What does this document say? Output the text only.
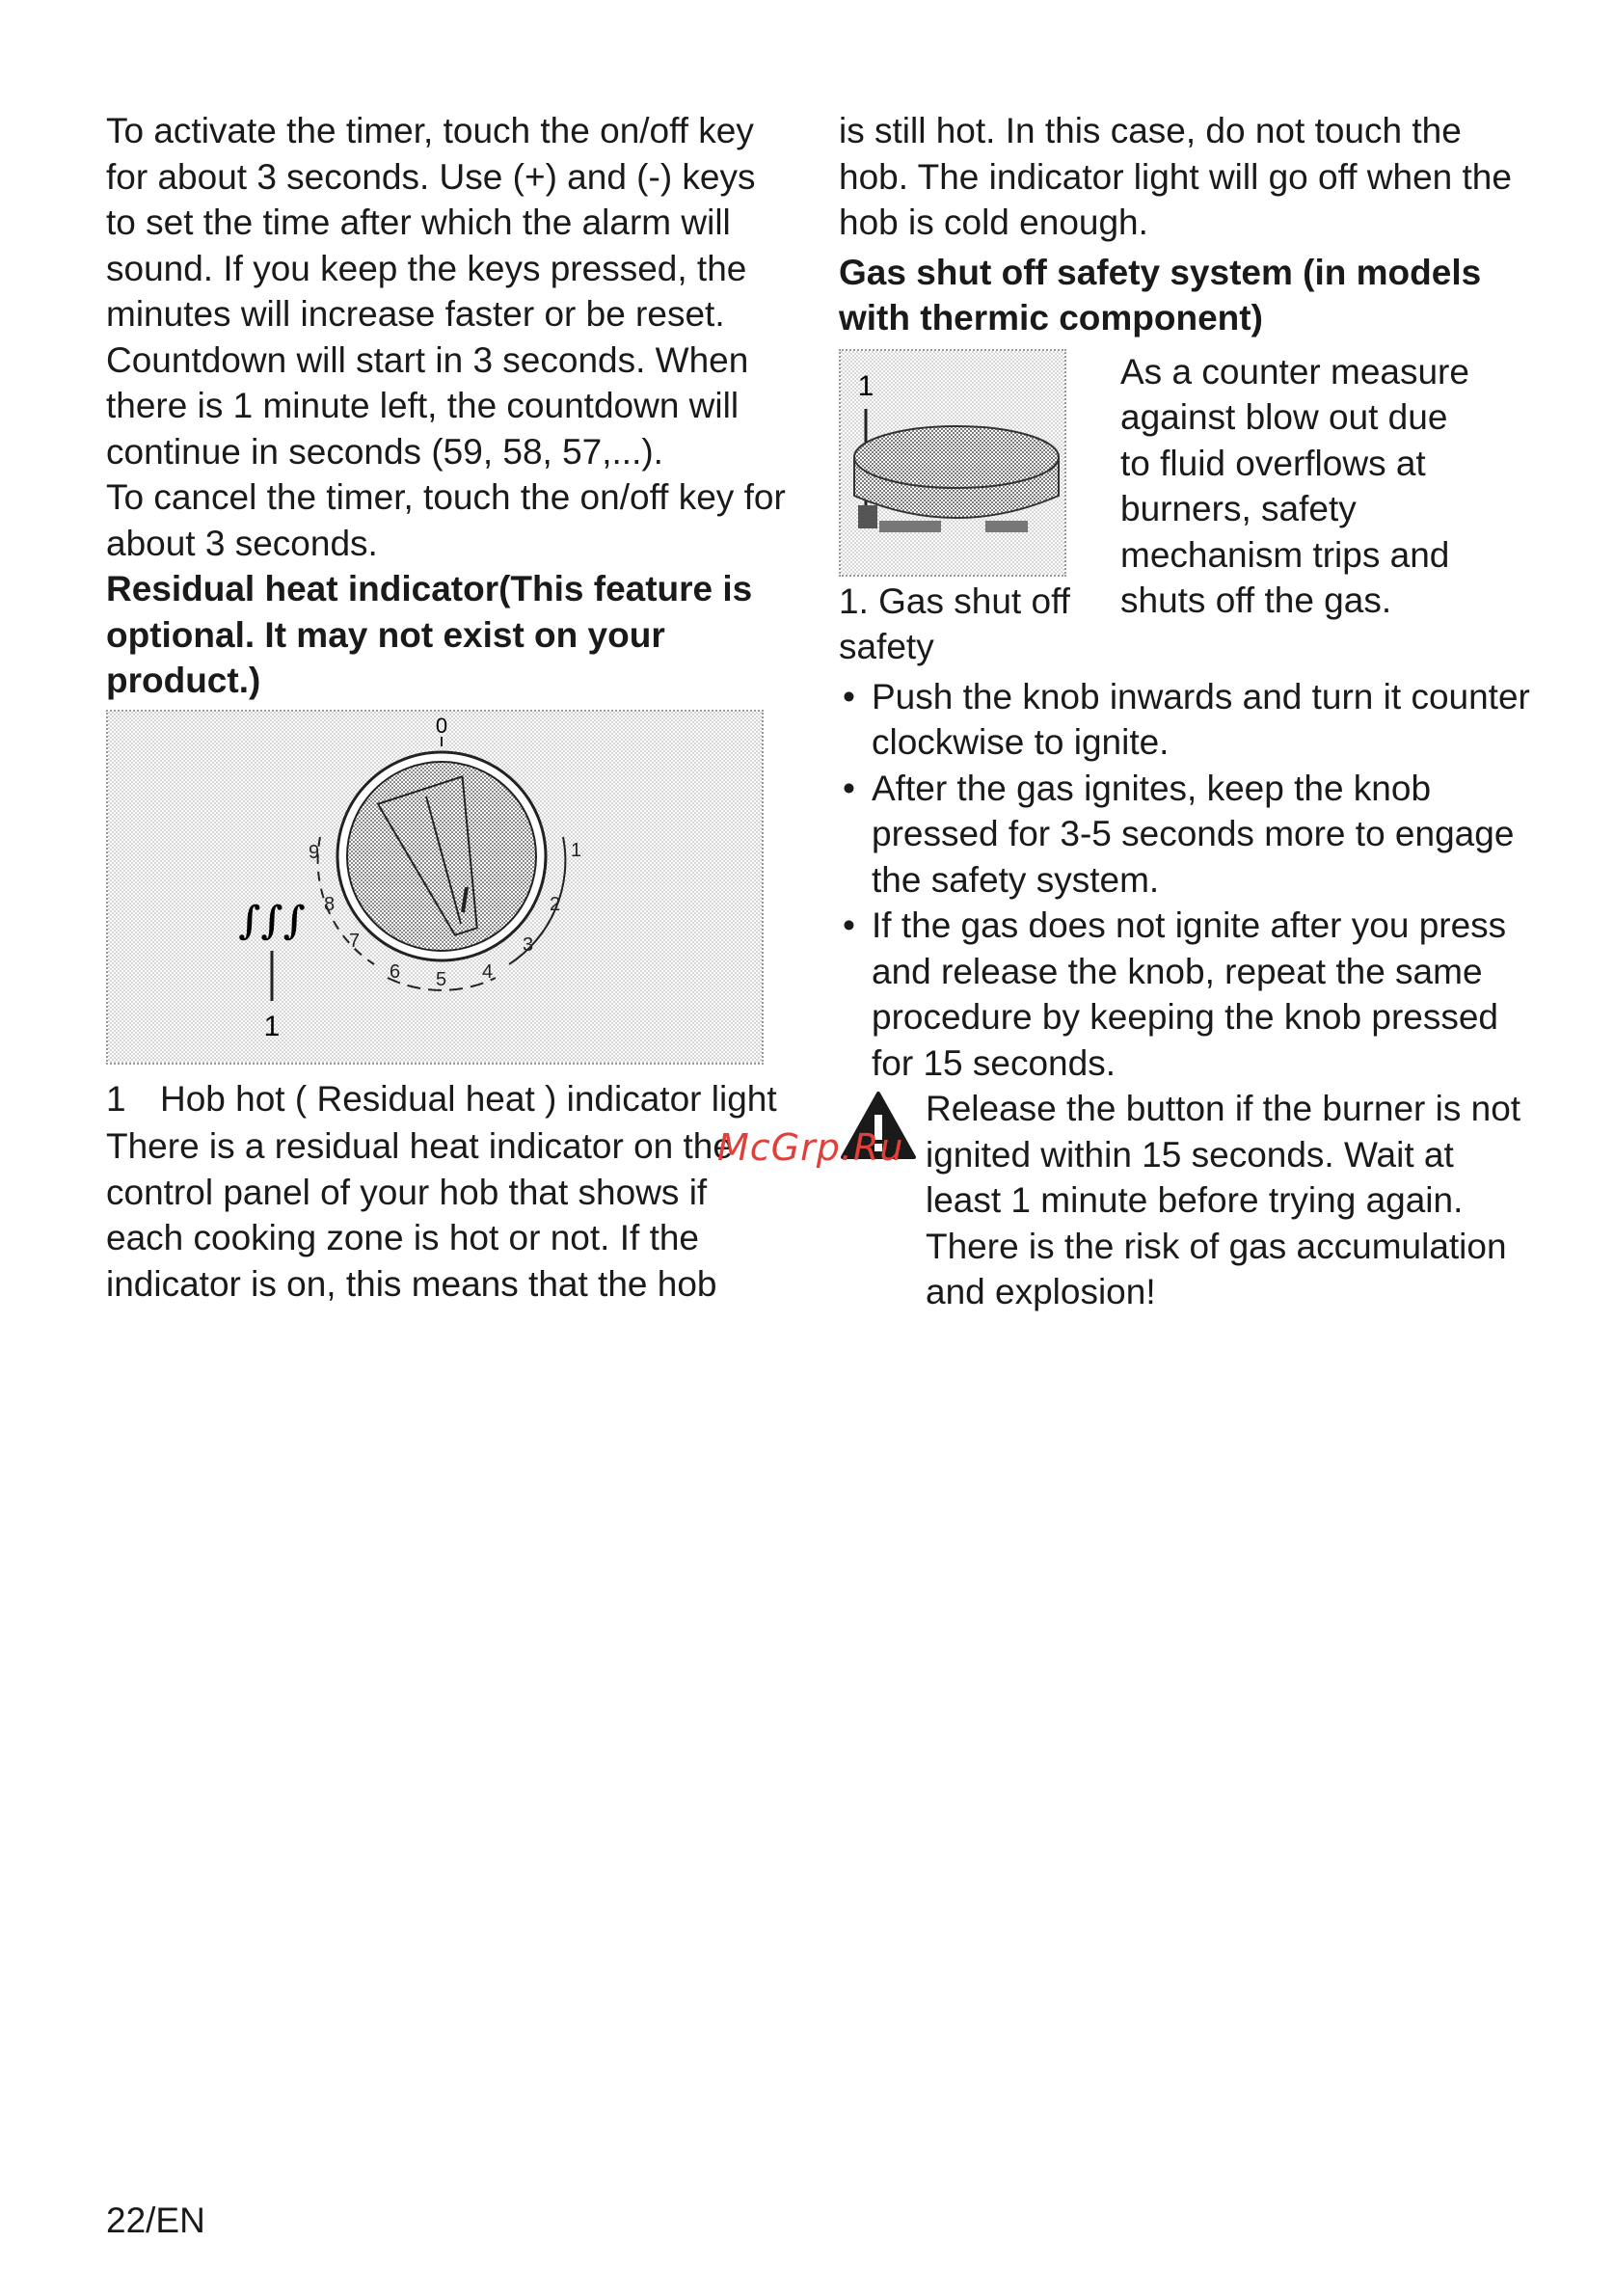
To activate the timer, touch the on/off key for about 3 seconds. Use (+) and (-) keys to set the time after which the alarm will sound. If you keep the keys pressed, the minutes will increase faster or be reset. Countdown will start in 3 seconds. When there is 1 minute left, the countdown will continue in seconds (59, 58, 57,...).

To cancel the timer, touch the on/off key for about 3 seconds.

Residual heat indicator(This feature is optional. It may not exist on your product.)
0
1
2
3
4
5
6
7
8
9
∫∫∫
1
1 Hob hot ( Residual heat ) indicator light

There is a residual heat indicator on the control panel of your hob that shows if each cooking zone is hot or not. If the indicator is on, this means that the hob

is still hot. In this case, do not touch the hob. The indicator light will go off when the hob is cold enough.

Gas shut off safety system (in models with thermic component)
1

1. Gas shut off safety

As a counter measure against blow out due to fluid overflows at burners, safety mechanism trips and shuts off the gas.

• Push the knob inwards and turn it counter clockwise to ignite.
• After the gas ignites, keep the knob pressed for 3-5 seconds more to engage the safety system.
• If the gas does not ignite after you press and release the knob, repeat the same procedure by keeping the knob pressed for 15 seconds.

Release the button if the burner is not ignited within 15 seconds. Wait at least 1 minute before trying again. There is the risk of gas accumulation and explosion!

McGrp.Ru
22/EN
